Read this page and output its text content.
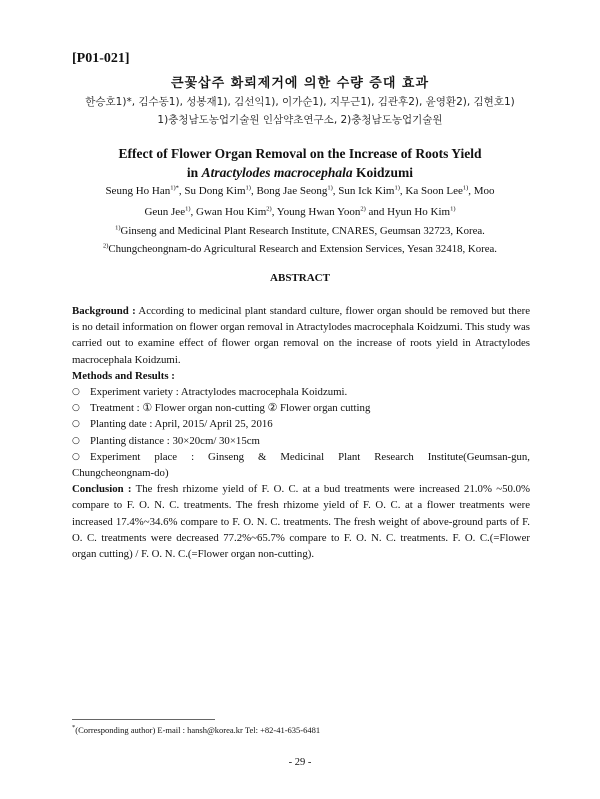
[P01-021]
큰꽃삽주 화뢰제거에 의한 수량 증대 효과
한승호1)*, 김수동1), 성봉재1), 김선익1), 이가순1), 지무근1), 김관후2), 윤영환2), 김현호1)
1)충청남도농업기술원 인삼약초연구소, 2)충청남도농업기술원
Effect of Flower Organ Removal on the Increase of Roots Yield
in Atractylodes macrocephala Koidzumi
Seung Ho Han$^{1)*}$, Su Dong Kim$^{1)}$, Bong Jae Seong$^{1)}$, Sun Ick Kim$^{1)}$, Ka Soon Lee$^{1)}$, Moo
Geun Jee$^{1)}$, Gwan Hou Kim$^{2)}$, Young Hwan Yoon$^{2)}$ and Hyun Ho Kim$^{1)}$
$^{1)}$Ginseng and Medicinal Plant Research Institute, CNARES, Geumsan 32723, Korea.
$^{2)}$Chungcheongnam-do Agricultural Research and Extension Services, Yesan 32418, Korea.
ABSTRACT

Background : According to medicinal plant standard culture, flower organ should be removed but there is no detail information on flower organ removal in Atractylodes macrocephala Koidzumi. This study was carried out to examine effect of flower organ removal on the increase of roots yield in Atractylodes macrocephala Koidzumi.

Methods and Results :

○ Experiment variety : Atractylodes macrocephala Koidzumi.
○ Treatment : ① Flower organ non-cutting ② Flower organ cutting
○ Planting date : April, 2015/ April 25, 2016
○ Planting distance : 30×20cm/ 30×15cm
○ Experiment place : Ginseng & Medicinal Plant Research Institute(Geumsan-gun,

Chungcheongnam-do)

Conclusion : The fresh rhizome yield of F. O. C. at a bud treatments were increased 21.0% ~50.0% compare to F. O. N. C. treatments. The fresh rhizome yield of F. O. C. at a flower treatments were increased 17.4%~34.6% compare to F. O. N. C. treatments. The fresh weight of above-ground parts of F. O. C. treatments were decreased 77.2%~65.7% compare to F. O. N. C. treatments. F. O. C.(=Flower organ cutting) / F. O. N. C.(=Flower organ non-cutting).

*(Corresponding author) E-mail : hansh@korea.kr Tel: +82-41-635-6481
- 29 -
